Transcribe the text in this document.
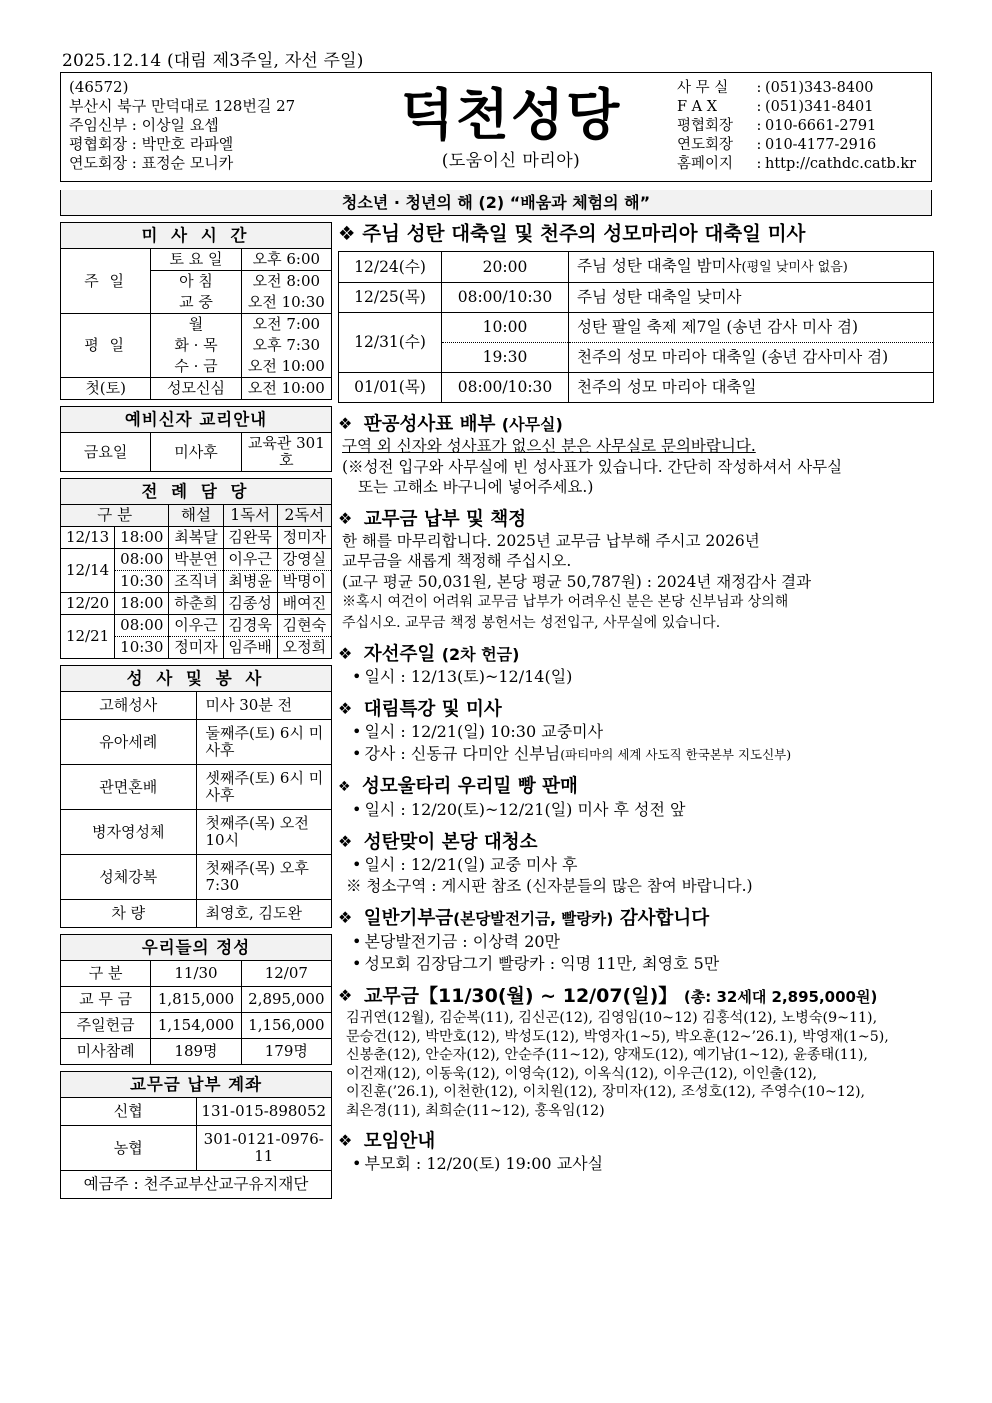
2025.12.14 (대림 제3주일, 자선 주일)
(46572)
부산시 북구 만덕대로 128번길 27
주임신부 : 이상일 요셉
평협회장 : 박만호 라파엘
연도회장 : 표정순 모니카
덕천성당
(도움이신 마리아)
사 무 실	: (051)343-8400
F A X	: (051)341-8401
평협회장	: 010-6661-2791
연도회장	: 010-4177-2916
홈페이지	: http://cathdc.catb.kr
청소년 · 청년의 해 (2) “배움과 체험의 해”
미 사 시 간		
주 일	토 요 일	오후 6:00
	아 침	오전 8:00
	교 중	오전 10:30
평 일	월	오전 7:00
	화 · 목	오후 7:30
	수 · 금	오전 10:00
첫(토)	성모신심	오전 10:00
예비신자 교리안내
금요일	미사후	교육관 301호
전 례 담 당				
구 분		해설	1독서	2독서
12/13	18:00	최복달	김완묵	정미자
12/14	08:00	박분연	이우근	강영실
	10:30	조직녀	최병윤	박명이
12/20	18:00	하춘희	김종성	배여진
12/21	08:00	이우근	김경욱	김현숙
	10:30	정미자	임주배	오정희
성 사 및 봉 사	
고해성사	미사 30분 전
유아세례	둘째주(토) 6시 미사후
관면혼배	셋째주(토) 6시 미사후
병자영성체	첫째주(목) 오전 10시
성체강복	첫째주(목) 오후 7:30
차 량	최영호, 김도완
우리들의 정성		
구 분	11/30	12/07
교 무 금	1,815,000	2,895,000
주일헌금	1,154,000	1,156,000
미사참례	189명	179명
교무금 납부 계좌	
신협	131-015-898052
농협	301-0121-0976-11
예금주 : 천주교부산교구유지재단	
❖ 주님 성탄 대축일 및 천주의 성모마리아 대축일 미사
12/24(수)	20:00	주님 성탄 대축일 밤미사(평일 낮미사 없음)
12/25(목)	08:00/10:30	주님 성탄 대축일 낮미사
12/31(수)	10:00	성탄 팔일 축제 제7일 (송년 감사 미사 겸)
	19:30	천주의 성모 마리아 대축일 (송년 감사미사 겸)
01/01(목)	08:00/10:30	천주의 성모 마리아 대축일
❖ 판공성사표 배부 (사무실)
구역 외 신자와 성사표가 없으신 분은 사무실로 문의바랍니다.
(※성전 입구와 사무실에 빈 성사표가 있습니다. 간단히 작성하셔서 사무실
또는 고해소 바구니에 넣어주세요.)
❖ 교무금 납부 및 책정
한 해를 마무리합니다. 2025년 교무금 납부해 주시고 2026년
교무금을 새롭게 책정해 주십시오.
(교구 평균 50,031원, 본당 평균 50,787원) : 2024년 재정감사 결과
※혹시 여건이 어려워 교무금 납부가 어려우신 분은 본당 신부님과 상의해
주십시오. 교무금 책정 봉헌서는 성전입구, 사무실에 있습니다.
❖ 자선주일 (2차 헌금)
• 일시 : 12/13(토)~12/14(일)
❖ 대림특강 및 미사
• 일시 : 12/21(일) 10:30 교중미사
• 강사 : 신동규 다미안 신부님(파티마의 세계 사도직 한국본부 지도신부)
❖ 성모울타리 우리밀 빵 판매
• 일시 : 12/20(토)~12/21(일) 미사 후 성전 앞
❖ 성탄맞이 본당 대청소
• 일시 : 12/21(일) 교중 미사 후
※ 청소구역 : 게시판 참조 (신자분들의 많은 참여 바랍니다.)
❖ 일반기부금(본당발전기금, 빨랑카) 감사합니다
• 본당발전기금 : 이상력 20만
• 성모회 김장담그기 빨랑카 : 익명 11만, 최영호 5만
❖ 교무금【11/30(월) ~ 12/07(일)】 (총: 32세대 2,895,000원)
김귀연(12월), 김순복(11), 김신곤(12), 김영임(10~12) 김홍석(12), 노병숙(9~11),
문승건(12), 박만호(12), 박성도(12), 박영자(1~5), 박오훈(12~’26.1), 박영재(1~5),
신봉춘(12), 안순자(12), 안순주(11~12), 양재도(12), 예기남(1~12), 윤종태(11),
이건재(12), 이동욱(12), 이영숙(12), 이옥식(12), 이우근(12), 이인출(12),
이진훈(’26.1), 이천한(12), 이치원(12), 장미자(12), 조성호(12), 주영수(10~12),
최은경(11), 최희순(11~12), 홍옥임(12)
❖ 모임안내
• 부모회 : 12/20(토) 19:00 교사실
